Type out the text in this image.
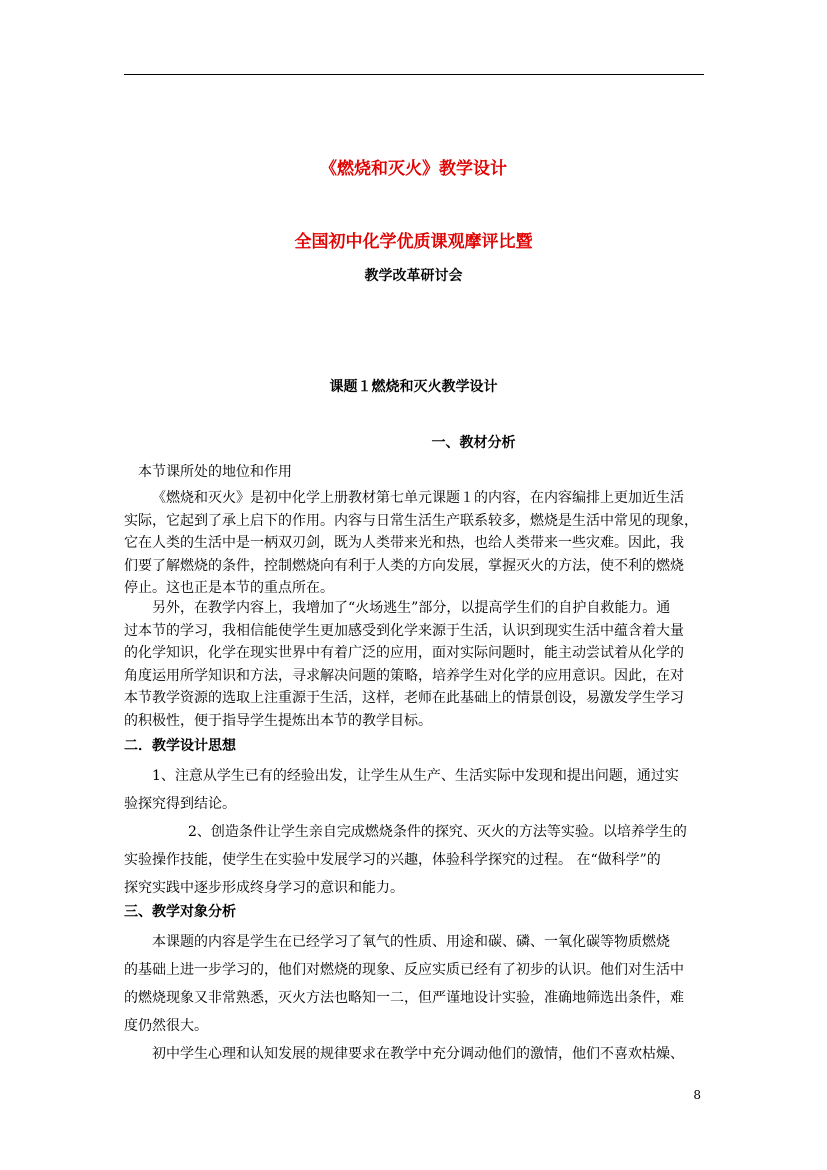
《燃烧和灭火》教学设计
全国初中化学优质课观摩评比暨
教学改革研讨会
课题１燃烧和灭火教学设计
一、教材分析
本节课所处的地位和作用
《燃烧和灭火》是初中化学上册教材第七单元课题１的内容，在内容编排上更加近生活
实际，它起到了承上启下的作用。内容与日常生活生产联系较多，燃烧是生活中常见的现象，
它在人类的生活中是一柄双刃剑，既为人类带来光和热，也给人类带来一些灾难。因此，我
们要了解燃烧的条件，控制燃烧向有利于人类的方向发展，掌握灭火的方法，使不利的燃烧
停止。这也正是本节的重点所在。
另外，在教学内容上，我增加了“火场逃生”部分，以提高学生们的自护自救能力。通
过本节的学习，我相信能使学生更加感受到化学来源于生活，认识到现实生活中蕴含着大量
的化学知识，化学在现实世界中有着广泛的应用，面对实际问题时，能主动尝试着从化学的
角度运用所学知识和方法，寻求解决问题的策略，培养学生对化学的应用意识。因此，在对
本节教学资源的选取上注重源于生活，这样，老师在此基础上的情景创设，易激发学生学习
的积极性，便于指导学生提炼出本节的教学目标。
二．教学设计思想
1、注意从学生已有的经验出发，让学生从生产、生活实际中发现和提出问题，通过实
验探究得到结论。
2、创造条件让学生亲自完成燃烧条件的探究、灭火的方法等实验。以培养学生的
实验操作技能，使学生在实验中发展学习的兴趣，体验科学探究的过程。 在“做科学”的
探究实践中逐步形成终身学习的意识和能力。
三、教学对象分析
本课题的内容是学生在已经学习了氧气的性质、用途和碳、磷、一氧化碳等物质燃烧
的基础上进一步学习的，他们对燃烧的现象、反应实质已经有了初步的认识。他们对生活中
的燃烧现象又非常熟悉，灭火方法也略知一二，但严谨地设计实验，准确地筛选出条件，难
度仍然很大。
初中学生心理和认知发展的规律要求在教学中充分调动他们的激情，他们不喜欢枯燥、
8
